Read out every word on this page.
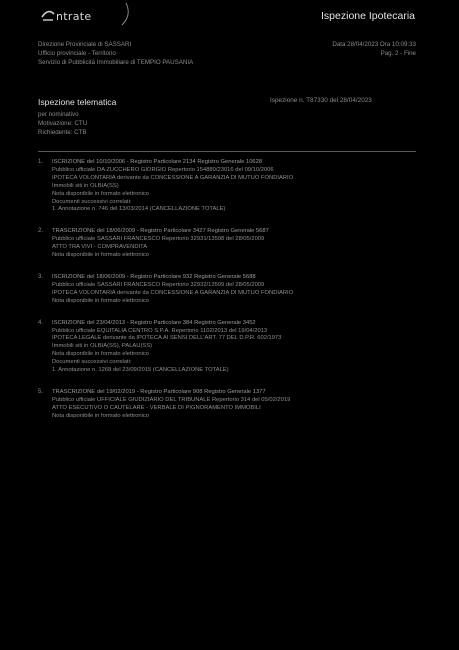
ntrate	Ispezione Ipotecaria
Direzione Provinciale di SASSARI
Ufficio provinciale - Territorio
Servizio di Pubblicità Immobiliare di TEMPIO PAUSANIA
Data 28/04/2023 Ora 10:09:33
Pag. 2 - Fine
Ispezione telematica	Ispezione n. T87330 del 28/04/2023
per nominativo
Motivazione: CTU
Richiedente: CTB
1. ISCRIZIONE del 10/10/2006 - Registro Particolare 2134 Registro Generale 10628
Pubblico ufficiale DA ZUCCHERO GIORGIO Repertorio 154880/23016 del 09/10/2006
IPOTECA VOLONTARIA derivante da CONCESSIONE A GARANZIA DI MUTUO FONDIARIO
Immobili siti in OLBIA(SS)
Nota disponibile in formato elettronico
Documenti successivi correlati:
1. Annotazione n. 746 del 13/03/2014 (CANCELLAZIONE TOTALE)
2. TRASCRIZIONE del 18/06/2009 - Registro Particolare 3427 Registro Generale 5687
Pubblico ufficiale SASSARI FRANCESCO Repertorio 32931/13508 del 28/05/2009
ATTO TRA VIVI - COMPRAVENDITA
Nota disponibile in formato elettronico
3. ISCRIZIONE del 18/06/2009 - Registro Particolare 932 Registro Generale 5688
Pubblico ufficiale SASSARI FRANCESCO Repertorio 32932/13509 del 28/05/2009
IPOTECA VOLONTARIA derivante da CONCESSIONE A GARANZIA DI MUTUO FONDIARIO
Nota disponibile in formato elettronico
4. ISCRIZIONE del 23/04/2013 - Registro Particolare 384 Registro Generale 3452
Pubblico ufficiale EQUITALIA CENTRO S.P.A. Repertorio 1102/2013 del 19/04/2013
IPOTECA LEGALE derivante da IPOTECA AI SENSI DELL'ART. 77 DEL D.P.R. 602/1973
Immobili siti in OLBIA(SS), PALAU(SS)
Nota disponibile in formato elettronico
Documenti successivi correlati:
1. Annotazione n. 1268 del 23/09/2015 (CANCELLAZIONE TOTALE)
5. TRASCRIZIONE del 19/02/2019 - Registro Particolare 908 Registro Generale 1377
Pubblico ufficiale UFFICIALE GIUDIZIARIO DEL TRIBUNALE Repertorio 314 del 05/02/2019
ATTO ESECUTIVO O CAUTELARE - VERBALE DI PIGNORAMENTO IMMOBILI
Nota disponibile in formato elettronico
